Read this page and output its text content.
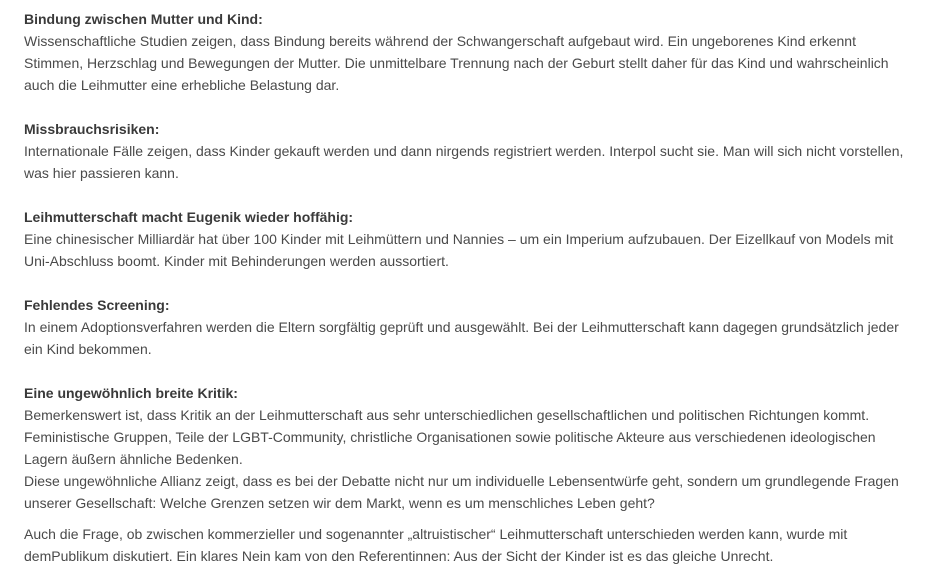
Bindung zwischen Mutter und Kind:
Wissenschaftliche Studien zeigen, dass Bindung bereits während der Schwangerschaft aufgebaut wird. Ein ungeborenes Kind erkennt Stimmen, Herzschlag und Bewegungen der Mutter. Die unmittelbare Trennung nach der Geburt stellt daher für das Kind und wahrscheinlich auch die Leihmutter eine erhebliche Belastung dar.
Missbrauchsrisiken:
Internationale Fälle zeigen, dass Kinder gekauft werden und dann nirgends registriert werden. Interpol sucht sie. Man will sich nicht vorstellen, was hier passieren kann.
Leihmutterschaft macht Eugenik wieder hoffähig:
Eine chinesischer Milliardär hat über 100 Kinder mit Leihmüttern und Nannies – um ein Imperium aufzubauen. Der Eizellkauf von Models mit Uni-Abschluss boomt. Kinder mit Behinderungen werden aussortiert.
Fehlendes Screening:
In einem Adoptionsverfahren werden die Eltern sorgfältig geprüft und ausgewählt. Bei der Leihmutterschaft kann dagegen grundsätzlich jeder ein Kind bekommen.
Eine ungewöhnlich breite Kritik:
Bemerkenswert ist, dass Kritik an der Leihmutterschaft aus sehr unterschiedlichen gesellschaftlichen und politischen Richtungen kommt. Feministische Gruppen, Teile der LGBT-Community, christliche Organisationen sowie politische Akteure aus verschiedenen ideologischen Lagern äußern ähnliche Bedenken.
Diese ungewöhnliche Allianz zeigt, dass es bei der Debatte nicht nur um individuelle Lebensentwürfe geht, sondern um grundlegende Fragen unserer Gesellschaft: Welche Grenzen setzen wir dem Markt, wenn es um menschliches Leben geht?

Auch die Frage, ob zwischen kommerzieller und sogenannter „altruistischer“ Leihmutterschaft unterschieden werden kann, wurde mit demPublikum diskutiert. Ein klares Nein kam von den Referentinnen: Aus der Sicht der Kinder ist es das gleiche Unrecht.
